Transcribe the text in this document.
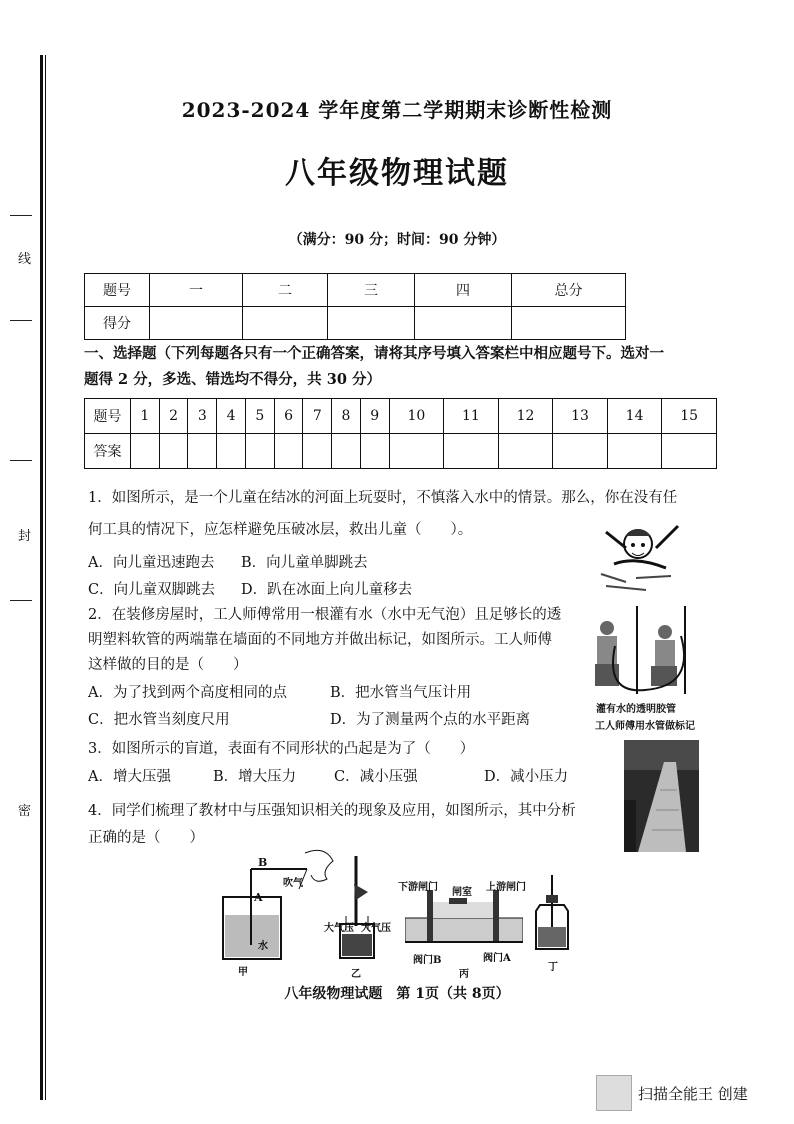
线
封
密
2023-2024 学年度第二学期期末诊断性检测
八年级物理试题
（满分：90 分；时间：90 分钟）
题号	一	二	三	四	总分
得分					
一、选择题（下列每题各只有一个正确答案，请将其序号填入答案栏中相应题号下。选对一
题得 2 分，多选、错选均不得分，共 30 分）
题号	1	2	3	4	5	6	7	8	9	10	11	12	13	14	15
答案															
1．如图所示，是一个儿童在结冰的河面上玩耍时，不慎落入水中的情景。那么，你在没有任
何工具的情况下，应怎样避免压破冰层，救出儿童（　　）。
A．向儿童迅速跑去 B．向儿童单脚跳去
C．向儿童双脚跳去 D．趴在冰面上向儿童移去
2．在装修房屋时，工人师傅常用一根灌有水（水中无气泡）且足够长的透
明塑料软管的两端靠在墙面的不同地方并做出标记，如图所示。工人师傅
这样做的目的是（　　）
A．为了找到两个高度相同的点	B．把水管当气压计用
C．把水管当刻度尺用	D．为了测量两个点的水平距离
灌有水的透明胶管
工人师傅用水管做标记
3．如图所示的盲道，表面有不同形状的凸起是为了（　　）
A．增大压强	B．增大压力	C．减小压强	D．减小压力
4．同学们梳理了教材中与压强知识相关的现象及应用，如图所示，其中分析
正确的是（　　）
B
A
吹气
水
甲
大气压 大气压
乙
下游闸门 闸室 上游闸门
阀门B	阀门A
丙
丁
八年级物理试题　第 1页（共 8页）
扫描全能王 创建
